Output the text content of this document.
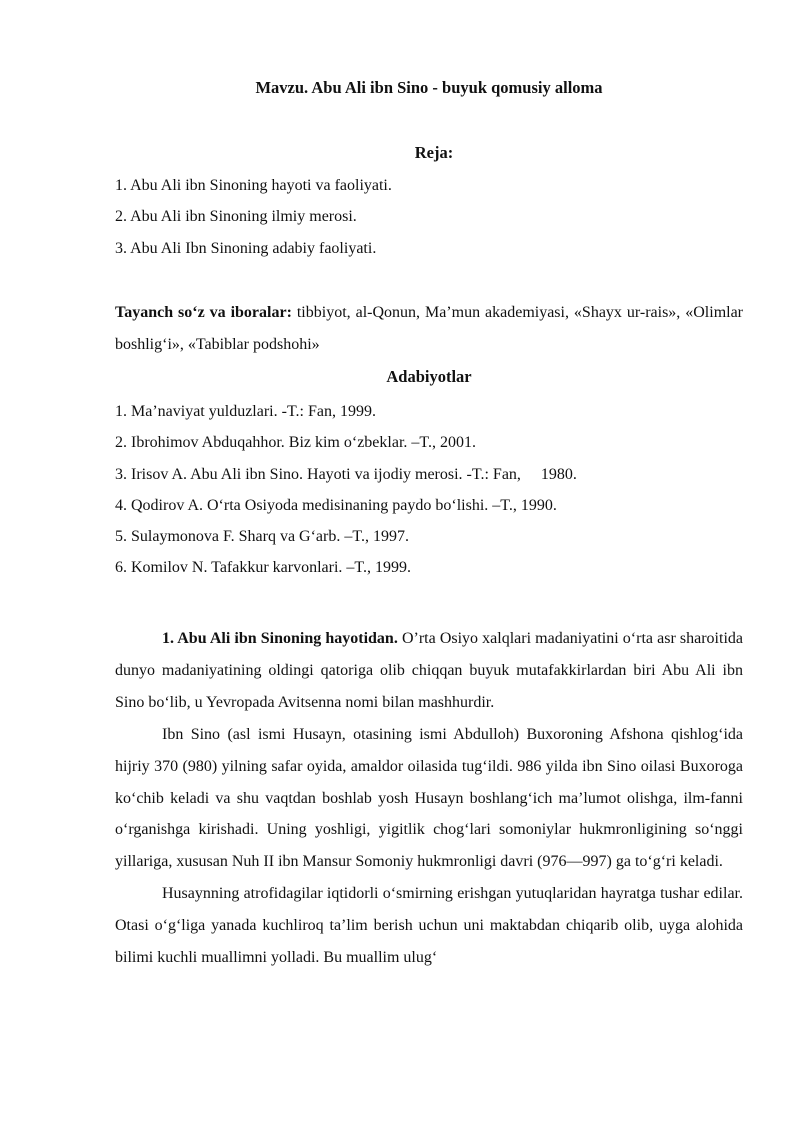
Mavzu. Abu Ali ibn Sino - buyuk qomusiy alloma
Reja:
1. Abu Ali ibn Sinoning hayoti va faoliyati.
2. Abu Ali ibn Sinoning ilmiy merosi.
3. Abu Ali Ibn Sinoning adabiy faoliyati.

Tayanch so‘z va iboralar: tibbiyot, al-Qonun, Ma’mun akademiyasi, «Shayx ur-rais», «Olimlar boshlig‘i», «Tabiblar podshohi»

Adabiyotlar
1. Ma’naviyat yulduzlari. -T.: Fan, 1999.
2. Ibrohimov Abduqahhor. Biz kim o‘zbeklar. –T., 2001.
3. Irisov A. Abu Ali ibn Sino. Hayoti va ijodiy merosi. -T.: Fan,     1980.
4. Qodirov A. O‘rta Osiyoda medisinaning paydo bo‘lishi. –T., 1990.
5. Sulaymonova F. Sharq va G‘arb. –T., 1997.
6. Komilov N. Tafakkur karvonlari. –T., 1999.

1. Abu Ali ibn Sinoning hayotidan. O’rta Osiyo xalqlari madaniyatini o‘rta asr sharoitida dunyo madaniyatining oldingi qatoriga olib chiqqan buyuk mutafakkirlardan biri Abu Ali ibn Sino bo‘lib, u Yevropada Avitsenna nomi bilan mashhurdir.

Ibn Sino (asl ismi Husayn, otasining ismi Abdulloh) Buxoroning Afshona qishlog‘ida hijriy 370 (980) yilning safar oyida, amaldor oilasida tug‘ildi. 986 yilda ibn Sino oilasi Buxoroga ko‘chib keladi va shu vaqtdan boshlab yosh Husayn boshlang‘ich ma’lumot olishga, ilm-fanni o‘rganishga kirishadi. Uning yoshligi, yigitlik chog‘lari somoniylar hukmronligining so‘nggi yillariga, xususan Nuh II ibn Mansur Somoniy hukmronligi davri (976—997) ga to‘g‘ri keladi.

Husaynning atrofidagilar iqtidorli o‘smirning erishgan yutuqlaridan hayratga tushar edilar. Otasi o‘g‘liga yanada kuchliroq ta’lim berish uchun uni maktabdan chiqarib olib, uyga alohida bilimi kuchli muallimni yolladi. Bu muallim ulug‘
